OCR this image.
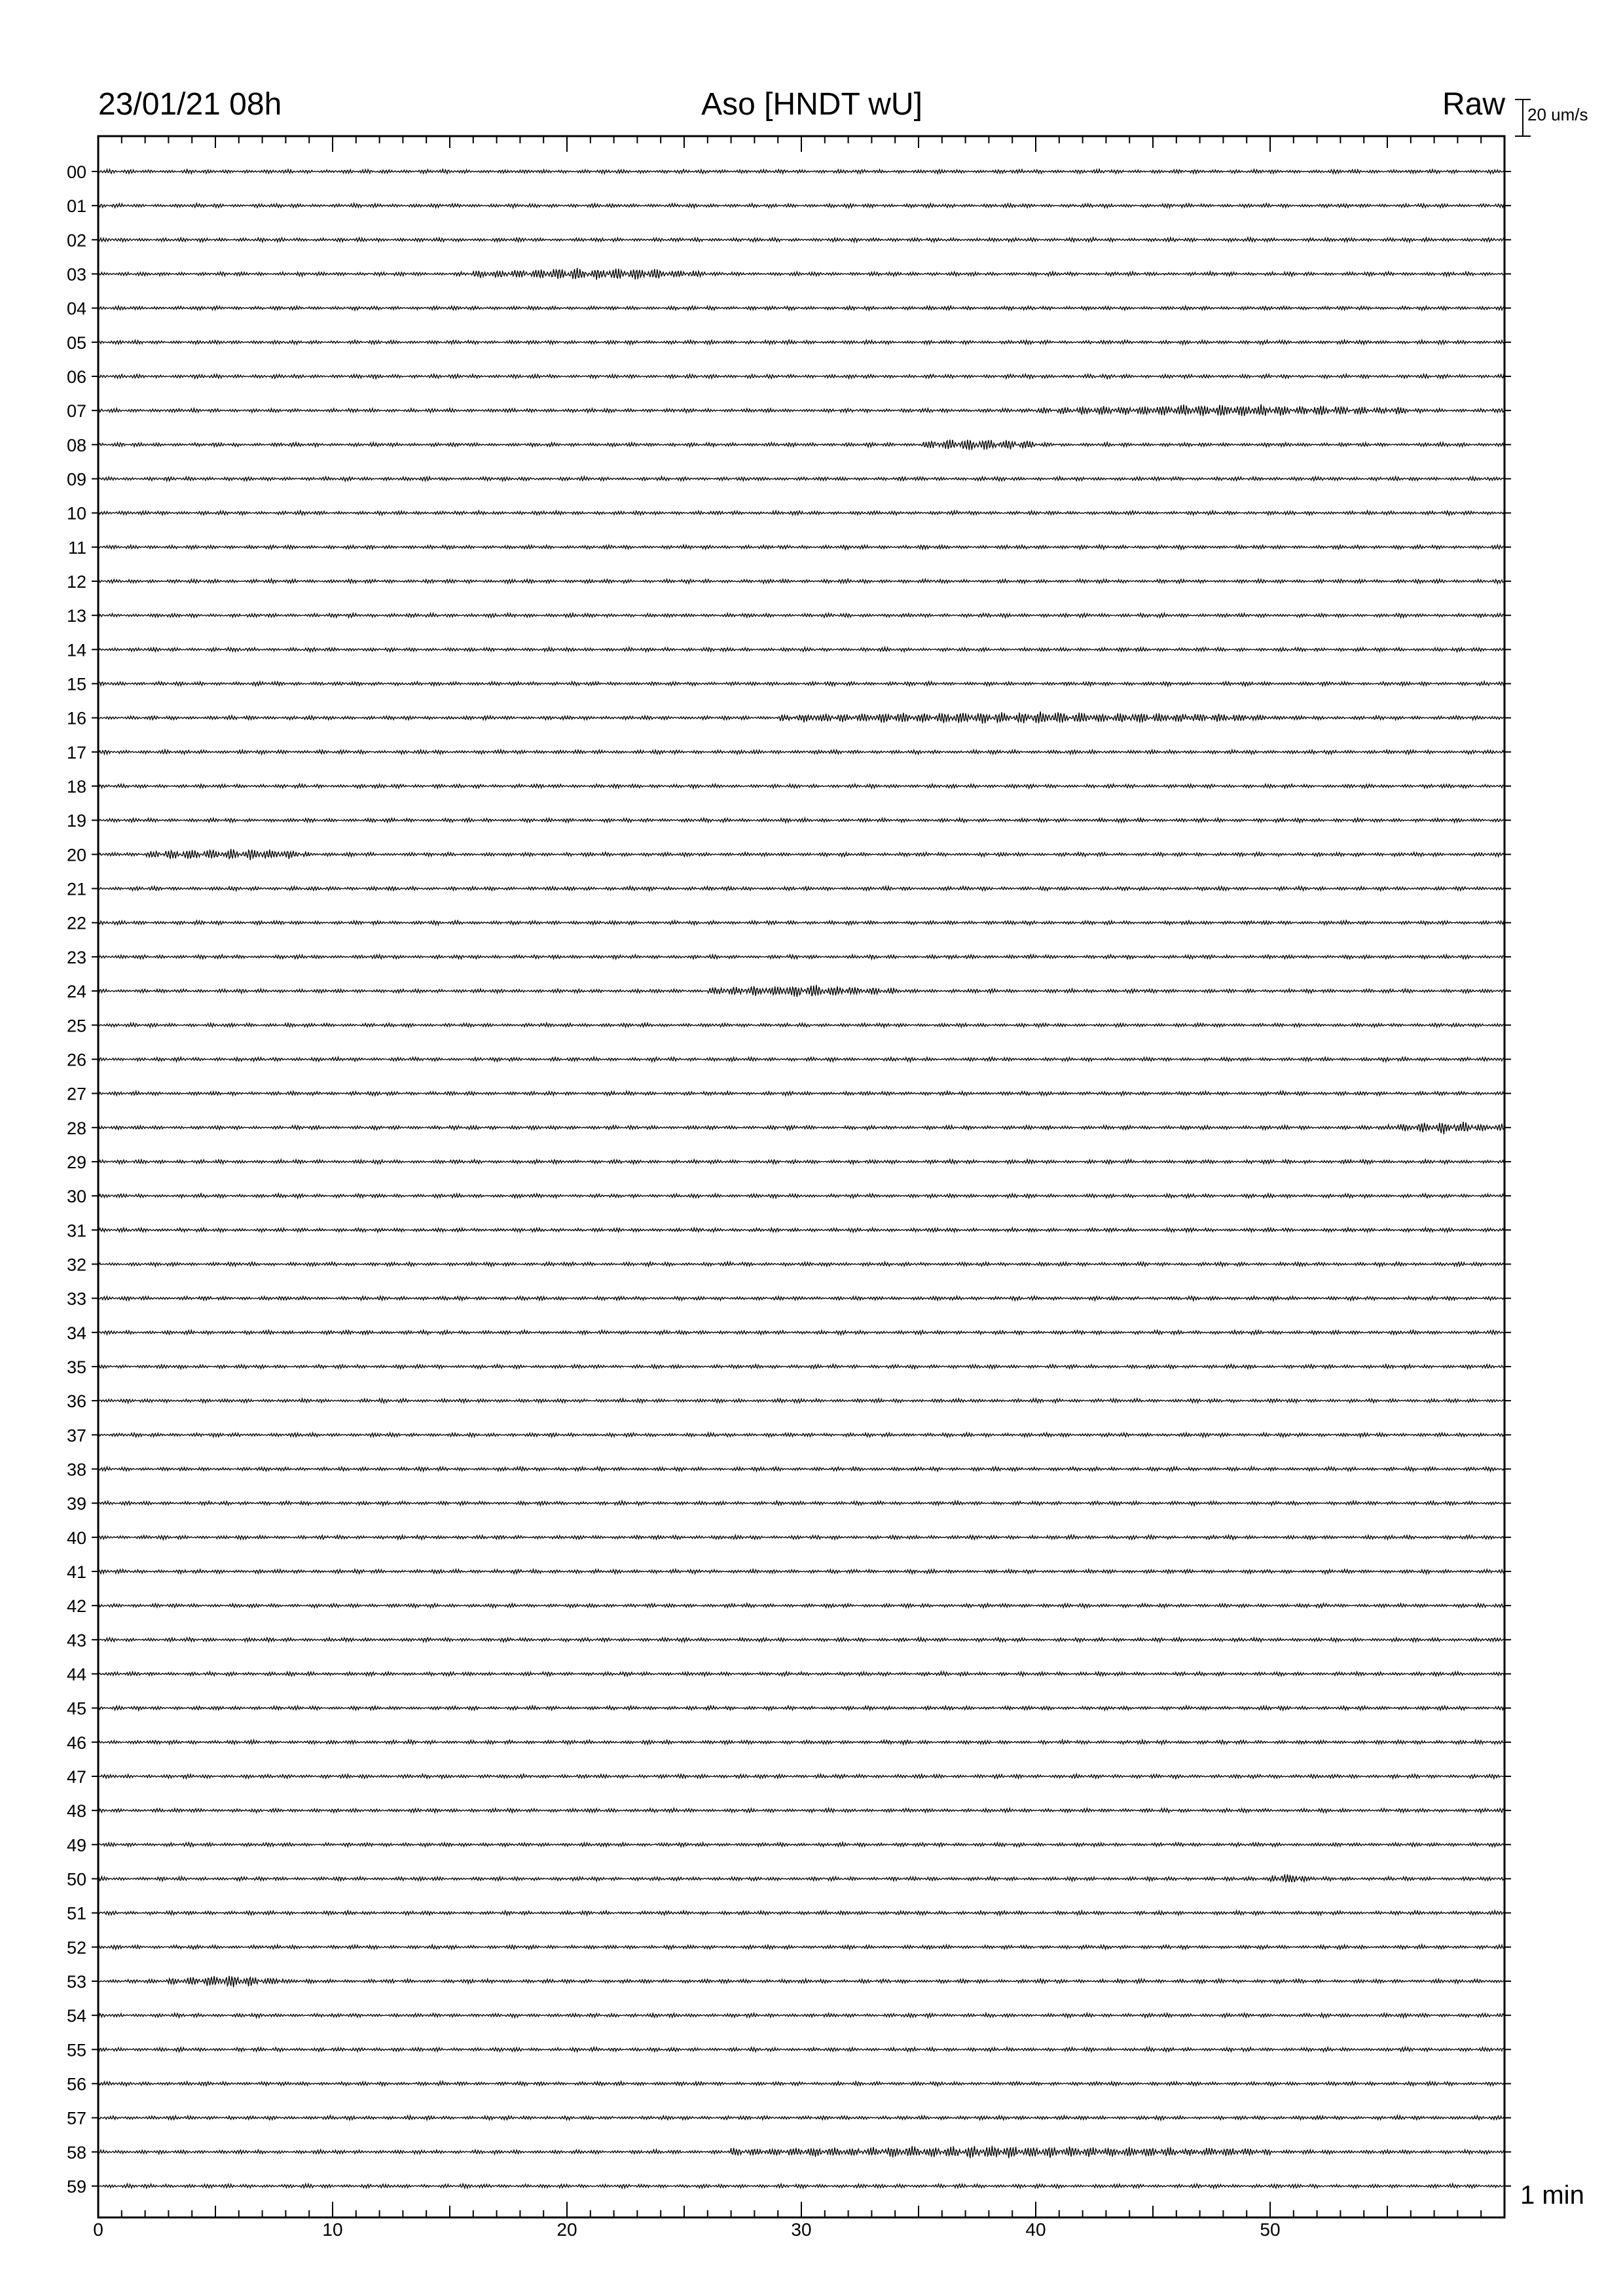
23/01/21 08h	Aso [HNDT wU]	Raw 20 um/s
1 min
00
01
02
03
04
05
06
07
08
09
10
11
12
13
14
15
16
17
18
19
20
21
22
23
24
25
26
27
28
29
30
31
32
33
34
35
36
37
38
39
40
41
42
43
44
45
46
47
48
49
50
51
52
53
54
55
56
57
58
59
0	10	20	30	40	50
